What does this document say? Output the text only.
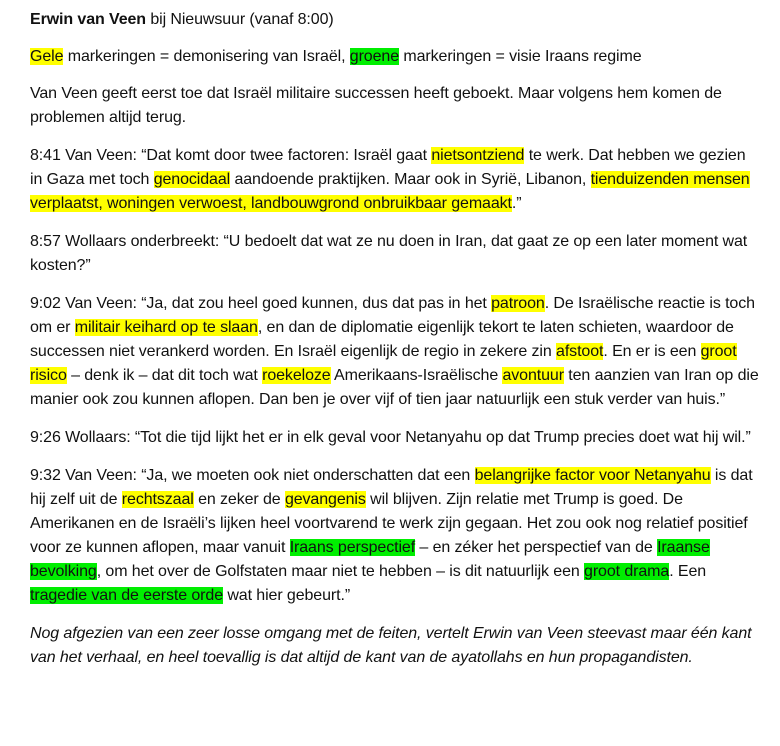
Erwin van Veen bij Nieuwsuur (vanaf 8:00)

Gele markeringen = demonisering van Israël, groene markeringen = visie Iraans regime

Van Veen geeft eerst toe dat Israël militaire successen heeft geboekt. Maar volgens hem komen de problemen altijd terug.

8:41 Van Veen: “Dat komt door twee factoren: Israël gaat nietsontziend te werk. Dat hebben we gezien in Gaza met toch genocidaal aandoende praktijken. Maar ook in Syrië, Libanon, tienduizenden mensen verplaatst, woningen verwoest, landbouwgrond onbruikbaar gemaakt.”

8:57 Wollaars onderbreekt: “U bedoelt dat wat ze nu doen in Iran, dat gaat ze op een later moment wat kosten?”

9:02 Van Veen: “Ja, dat zou heel goed kunnen, dus dat pas in het patroon. De Israëlische reactie is toch om er militair keihard op te slaan, en dan de diplomatie eigenlijk tekort te laten schieten, waardoor de successen niet verankerd worden. En Israël eigenlijk de regio in zekere zin afstoot. En er is een groot risico – denk ik – dat dit toch wat roekeloze Amerikaans-Israëlische avontuur ten aanzien van Iran op die manier ook zou kunnen aflopen. Dan ben je over vijf of tien jaar natuurlijk een stuk verder van huis.”

9:26 Wollaars: “Tot die tijd lijkt het er in elk geval voor Netanyahu op dat Trump precies doet wat hij wil.”

9:32 Van Veen: “Ja, we moeten ook niet onderschatten dat een belangrijke factor voor Netanyahu is dat hij zelf uit de rechtszaal en zeker de gevangenis wil blijven. Zijn relatie met Trump is goed. De Amerikanen en de Israëli’s lijken heel voortvarend te werk zijn gegaan. Het zou ook nog relatief positief voor ze kunnen aflopen, maar vanuit Iraans perspectief – en zéker het perspectief van de Iraanse bevolking, om het over de Golfstaten maar niet te hebben – is dit natuurlijk een groot drama. Een tragedie van de eerste orde wat hier gebeurt.”

Nog afgezien van een zeer losse omgang met de feiten, vertelt Erwin van Veen steevast maar één kant van het verhaal, en heel toevallig is dat altijd de kant van de ayatollahs en hun propagandisten.
